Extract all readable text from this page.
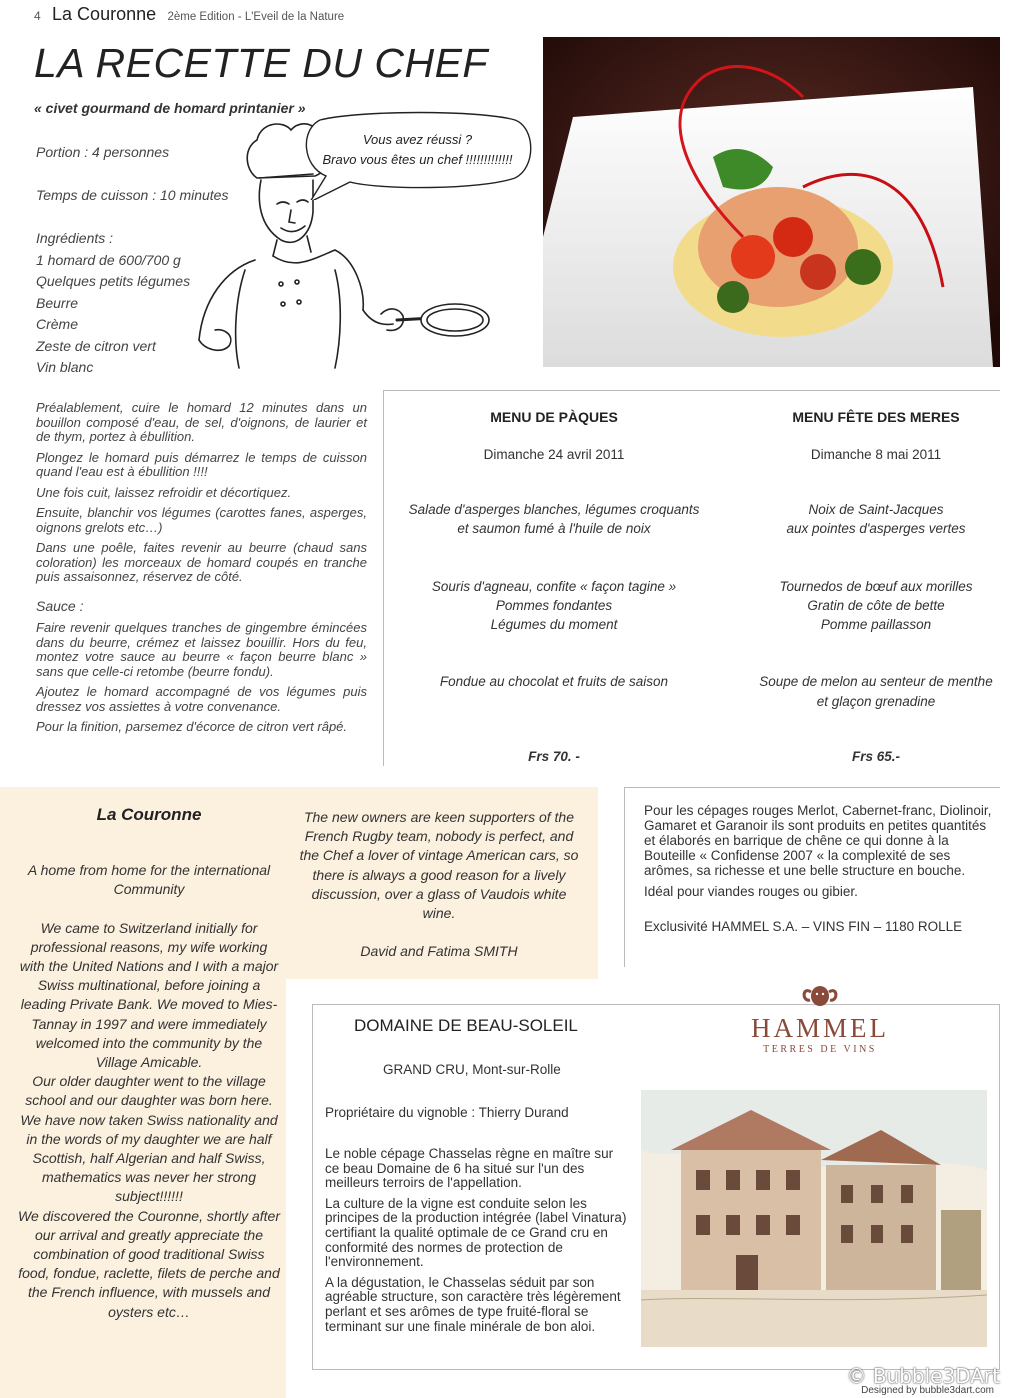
4 La Couronne 2ème Edition - L'Eveil de la Nature
LA RECETTE DU CHEF
« civet gourmand de homard printanier »

Portion : 4 personnes

Temps de cuisson : 10 minutes

Ingrédients :

1 homard de 600/700 g

Quelques petits légumes

Beurre

Crème

Zeste de citron vert

Vin blanc

Vous avez réussi ?
Bravo vous êtes un chef !!!!!!!!!!!!!

Préalablement, cuire le homard 12 minutes dans un bouillon composé d'eau, de sel, d'oignons, de laurier et de thym, portez à ébullition.

Plongez le homard puis démarrez le temps de cuisson quand l'eau est à ébullition !!!!

Une fois cuit, laissez refroidir et décortiquez.

Ensuite, blanchir vos légumes (carottes fanes, asperges, oignons grelots etc…)

Dans une poêle, faites revenir au beurre (chaud sans coloration) les morceaux de homard coupés en tranche puis assaisonnez, réservez de côté.

Sauce :

Faire revenir quelques tranches de gingembre émincées dans du beurre, crémez et laissez bouillir. Hors du feu, montez votre sauce au beurre « façon beurre blanc » sans que celle-ci retombe (beurre fondu).

Ajoutez le homard accompagné de vos légumes puis dressez vos assiettes à votre convenance.

Pour la finition, parsemez d'écorce de citron vert râpé.

MENU DE PÀQUES
Dimanche 24 avril 2011
Salade d'asperges blanches, légumes croquants
et saumon fumé à l'huile de noix
Souris d'agneau, confite « façon tagine »
Pommes fondantes
Légumes du moment
Fondue au chocolat et fruits de saison

Frs 70. -
MENU FÊTE DES MERES
Dimanche 8 mai 2011
Noix de Saint-Jacques
aux pointes d'asperges vertes
Tournedos de bœuf aux morilles
Gratin de côte de bette
Pomme paillasson
Soupe de melon au senteur de menthe
et glaçon grenadine
Frs 65.-
La Couronne

A home from home for the international Community

We came to Switzerland initially for professional reasons, my wife working with the United Nations and I with a major Swiss multinational, before joining a leading Private Bank. We moved to Mies-Tannay in 1997 and were immediately welcomed into the community by the Village Amicable.

Our older daughter went to the village school and our daughter was born here.

We have now taken Swiss nationality and in the words of my daughter we are half Scottish, half Algerian and half Swiss, mathematics was never her strong subject!!!!!!

We discovered the Couronne, shortly after our arrival and greatly appreciate the combination of good traditional Swiss food, fondue, raclette, filets de perche and the French influence, with mussels and oysters etc…

The new owners are keen supporters of the French Rugby team, nobody is perfect, and the Chef a lover of vintage American cars, so there is always a good reason for a lively discussion, over a glass of Vaudois white wine.

David and Fatima SMITH

Pour les cépages rouges Merlot, Cabernet-franc, Diolinoir, Gamaret et Garanoir ils sont produits en petites quantités et élaborés en barrique de chêne ce qui donne à la Bouteille « Confidense 2007 « la complexité de ses arômes, sa richesse et une belle structure en bouche.

Idéal pour viandes rouges ou gibier.

Exclusivité HAMMEL S.A. – VINS FIN – 1180 ROLLE

DOMAINE DE BEAU-SOLEIL
GRAND CRU, Mont-sur-Rolle
Propriétaire du vignoble : Thierry Durand

Le noble cépage Chasselas règne en maître sur ce beau Domaine de 6 ha situé sur l'un des meilleurs terroirs de l'appellation.

La culture de la vigne est conduite selon les principes de la production intégrée (label Vinatura) certifiant la qualité optimale de ce Grand cru en conformité des normes de protection de l'environnement.

A la dégustation, le Chasselas séduit par son agréable structure, son caractère très légèrement perlant et ses arômes de type fruité-floral se terminant sur une finale minérale de bon aloi.

HAMMEL
TERRES DE VINS
© Bubble3DArt
Designed by bubble3dart.com
